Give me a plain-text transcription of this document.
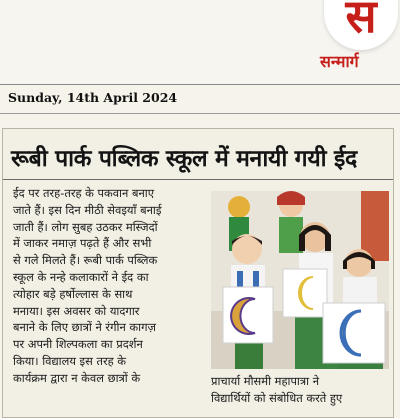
स
सन्मार्ग
Sunday, 14th April 2024
रूबी पार्क पब्लिक स्कूल में मनायी गयी ईद
ईद पर तरह-तरह के पकवान बनाए
जाते हैं। इस दिन मीठी सेवइयाँ बनाई
जाती हैं। लोग सुबह उठकर मस्जिदों
में जाकर नमाज़ पढ़ते हैं और सभी
से गले मिलते हैं। रूबी पार्क पब्लिक
स्कूल के नन्हे कलाकारों ने ईद का
त्योहार बड़े हर्षोल्लास के साथ
मनाया। इस अवसर को यादगार
बनाने के लिए छात्रों ने रंगीन कागज़
पर अपनी शिल्पकला का प्रदर्शन
किया। विद्यालय इस तरह के
कार्यक्रम द्वारा न केवल छात्रों के	प्राचार्या मौसमी महापात्रा ने
विद्यार्थियों को संबोधित करते हुए
